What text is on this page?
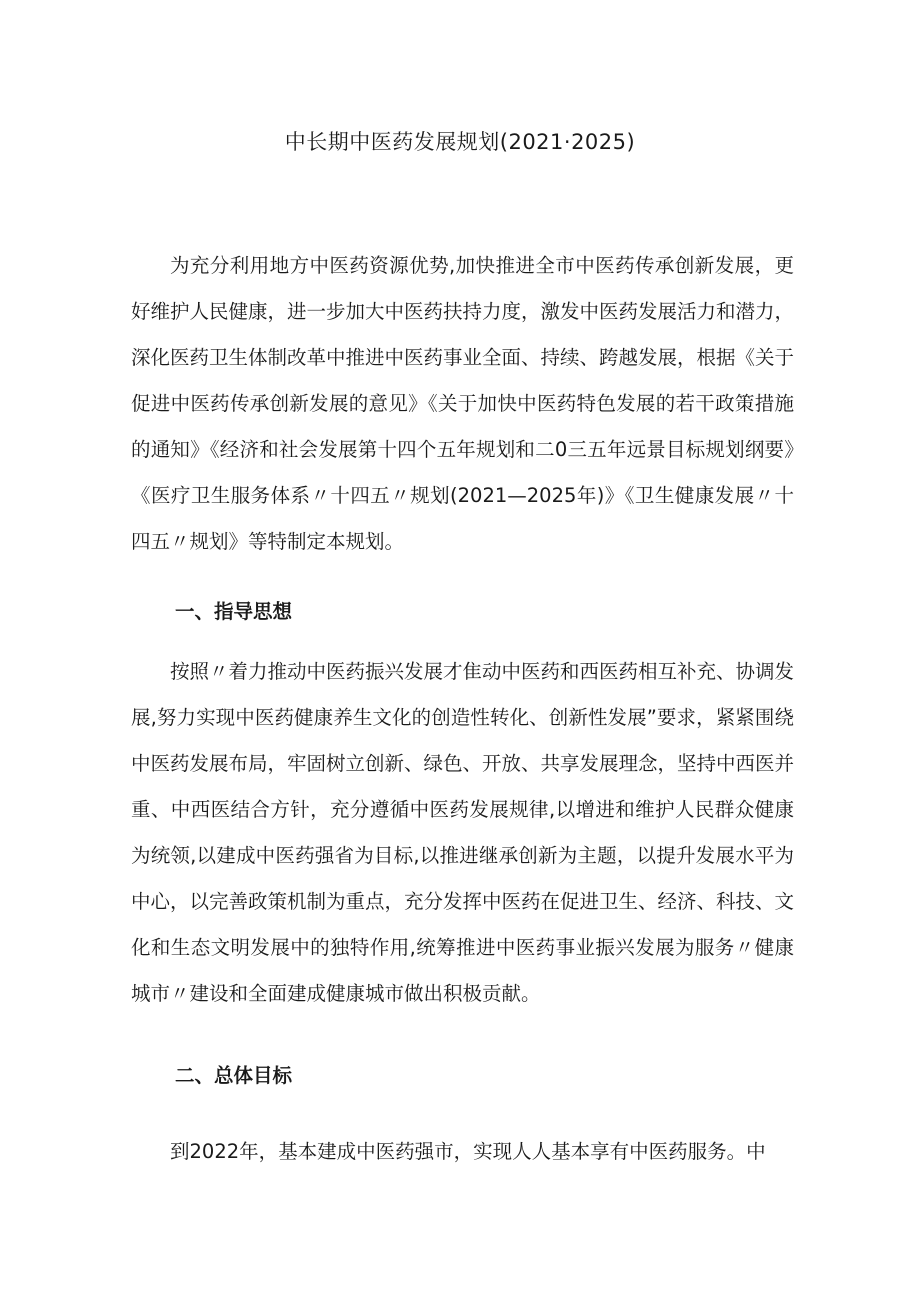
中长期中医药发展规划(2021·2025)

为充分利用地方中医药资源优势,加快推进全市中医药传承创新发展，更好维护人民健康，进一步加大中医药扶持力度，激发中医药发展活力和潜力，深化医药卫生体制改革中推进中医药事业全面、持续、跨越发展，根据《关于促进中医药传承创新发展的意见》《关于加快中医药特色发展的若干政策措施的通知》《经济和社会发展第十四个五年规划和二0三五年远景目标规划纲要》《医疗卫生服务体系〃十四五〃规划(2021—2025年)》《卫生健康发展〃十四五〃规划》等特制定本规划。

一、指导思想

按照〃着力推动中医药振兴发展才隹动中医药和西医药相互补充、协调发展,努力实现中医药健康养生文化的创造性转化、创新性发展”要求，紧紧围绕中医药发展布局，牢固树立创新、绿色、开放、共享发展理念，坚持中西医并重、中西医结合方针，充分遵循中医药发展规律,以增进和维护人民群众健康为统领,以建成中医药强省为目标,以推进继承创新为主题，以提升发展水平为中心，以完善政策机制为重点，充分发挥中医药在促进卫生、经济、科技、文化和生态文明发展中的独特作用,统筹推进中医药事业振兴发展为服务〃健康城市〃建设和全面建成健康城市做出积极贡献。

二、总体目标

到2022年，基本建成中医药强市，实现人人基本享有中医药服务。中
